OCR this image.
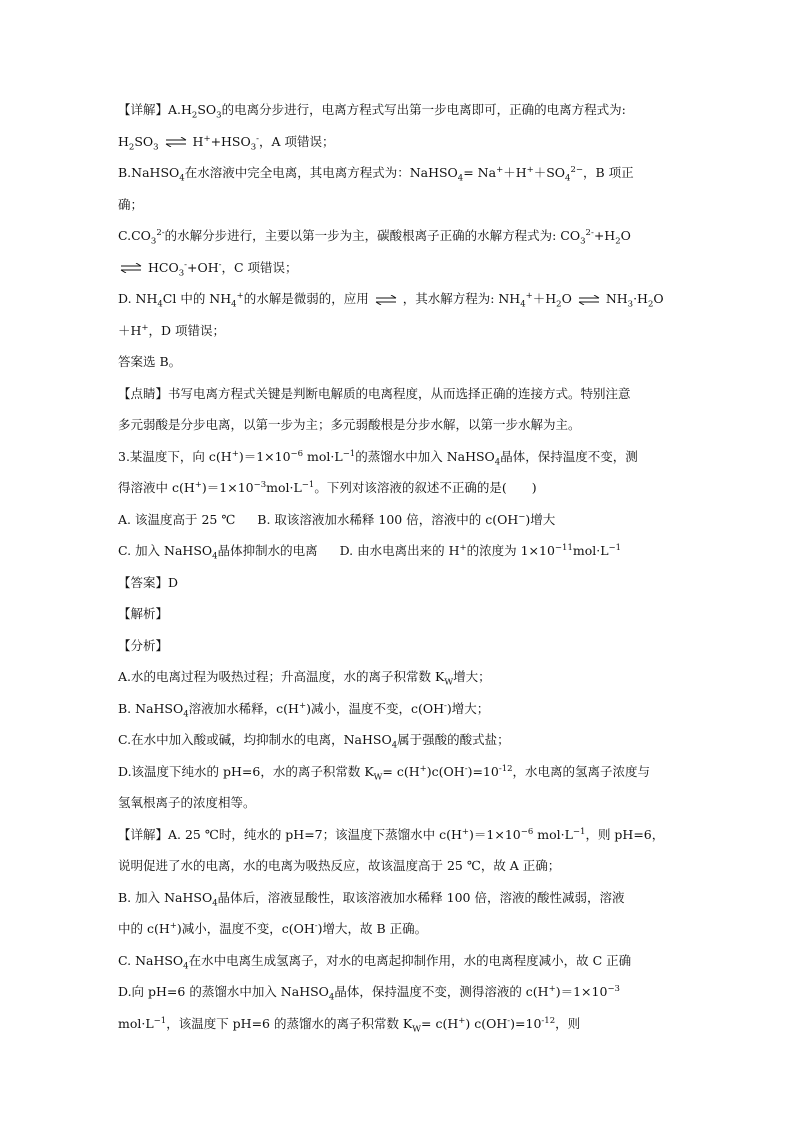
【详解】$A.H_2SO_3$的电离分步进行，电离方程式写出第一步电离即可，正确的电离方程式为:
$H_2SO_3$ ⇌ $H^++HSO_3^-$，A 项错误；
B.NaHSO$_4$在水溶液中完全电离，其电离方程式为：NaHSO$_4$= $Na^++H^++SO_4^{2-}$，B 项正
确；
$C.CO_3^{2-}$的水解分步进行，主要以第一步为主，碳酸根离子正确的水解方程式为: $CO_3^{2-}+H_2O$
⇌ $HCO_3^-+OH^-$，C 项错误；
D. $NH_4Cl$ 中的 $NH_4^+$的水解是微弱的，应用 ⇌ ，其水解方程为: $NH_4^++H_2O$ ⇌ $NH_3\cdot H_2O$
＋H+，D 项错误；
答案选 B。
【点睛】书写电离方程式关键是判断电解质的电离程度，从而选择正确的连接方式。特别注意
多元弱酸是分步电离，以第一步为主；多元弱酸根是分步水解，以第一步水解为主。
3.某温度下，向 $c(H^+)=1\times 10^{-6}$ $mol\cdot L^{-1}$的蒸馏水中加入 NaHSO$_4$晶体，保持温度不变，测
得溶液中 $c(H^+)=1\times 10^{-3}mol\cdot L^{-1}$。下列对该溶液的叙述不正确的是(　　)
A. 该温度高于 25 ℃ B. 取该溶液加水稀释 100 倍，溶液中的 c(OH−)增大
C. 加入 NaHSO$_4$晶体抑制水的电离 D. 由水电离出来的 H+的浓度为 $1\times 10^{-11}mol\cdot L^{-1}$
【答案】D
【解析】
【分析】
A.水的电离过程为吸热过程；升高温度，水的离子积常数 $K_W$增大；
B. NaHSO$_4$溶液加水稀释，c(H+)减小，温度不变，c(OH-)增大；
C.在水中加入酸或碱，均抑制水的电离，NaHSO$_4$属于强酸的酸式盐；
D.该温度下纯水的 pH=6，水的离子积常数 $K_W= c(H^+)c(OH^-)=10^{-12}$，水电离的氢离子浓度与
氢氧根离子的浓度相等。
【详解】A. 25 ℃时，纯水的 pH=7；该温度下蒸馏水中 $c(H^+)=1\times 10^{-6}$ $mol\cdot L^{-1}$，则 pH=6，
说明促进了水的电离，水的电离为吸热反应，故该温度高于 25 ℃，故 A 正确；
B. 加入 NaHSO$_4$晶体后，溶液显酸性，取该溶液加水稀释 100 倍，溶液的酸性减弱，溶液
中的 c(H+)减小，温度不变，c(OH-)增大，故 B 正确。
C. NaHSO$_4$在水中电离生成氢离子，对水的电离起抑制作用，水的电离程度减小，故 C 正确
D.向 pH=6 的蒸馏水中加入 NaHSO$_4$晶体，保持温度不变，测得溶液的 $c(H^+)=1\times 10^{-3}$
$mol\cdot L^{-1}$，该温度下 pH=6 的蒸馏水的离子积常数 $K_W= c(H^+)$ $c(OH^-)=10^{-12}$，则
